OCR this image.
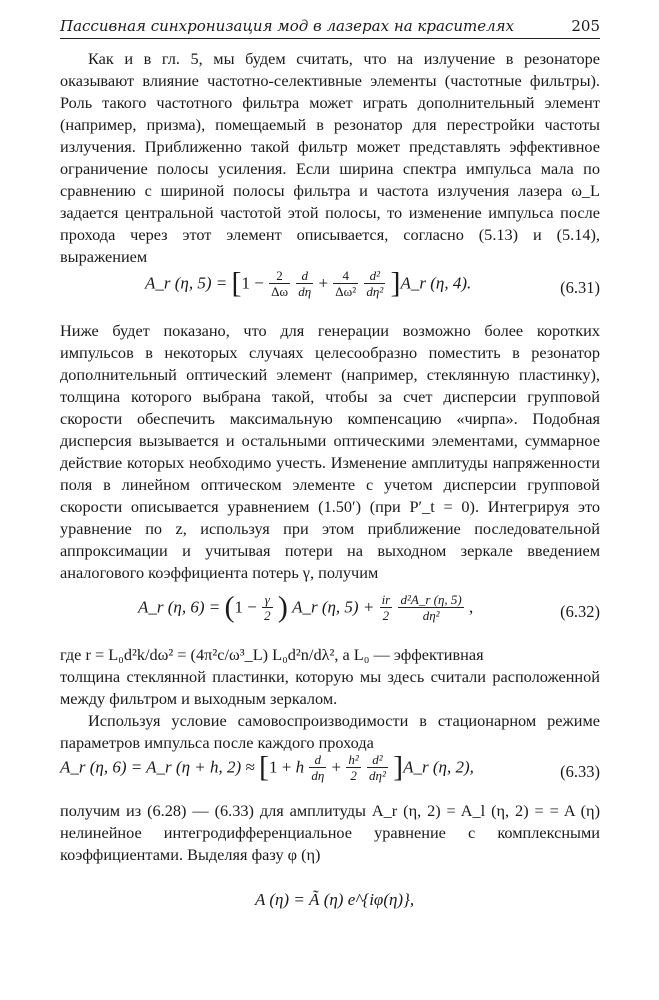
Пассивная синхронизация мод в лазерах на красителях	205
Как и в гл. 5, мы будем считать, что на излучение в резонаторе оказывают влияние частотно-селективные элементы (частотные фильтры). Роль такого частотного фильтра может играть дополнительный элемент (например, призма), помещаемый в резонатор для перестройки частоты излучения. Приближенно такой фильтр может представлять эффективное ограничение полосы усиления. Если ширина спектра импульса мала по сравнению с шириной полосы фильтра и частота излучения лазера ω_L задается центральной частотой этой полосы, то изменение импульса после прохода через этот элемент описывается, согласно (5.13) и (5.14), выражением
A_r (η, $5) = [1 - \frac{2}{\Delta\omega}$
$\frac{d}{d\eta} + \frac{4}{\text{Δω²}}$
$\frac{\text{d²}}{\text{dη²}}$ ]A_r (η, 4).	(6.31)
Ниже будет показано, что для генерации возможно более коротких импульсов в некоторых случаях целесообразно поместить в резонатор дополнительный оптический элемент (например, стеклянную пластинку), толщина которого выбрана такой, чтобы за счет дисперсии групповой скорости обеспечить максимальную компенсацию «чирпа». Подобная дисперсия вызывается и остальными оптическими элементами, суммарное действие которых необходимо учесть. Изменение амплитуды напряженности поля в линейном оптическом элементе с учетом дисперсии групповой скорости описывается уравнением (1.50′) (при P′_t = 0). Интегрируя это уравнение по z, используя при этом приближение последовательной аппроксимации и учитывая потери на выходном зеркале введением аналогового коэффициента потерь γ, получим
A_r (η, $6) = (1 - \frac{\gamma}{2}$ ) A_r (η, $5) + \frac{ir}{2}$
$\frac{\text{d²A\_r (η, 5)}}{\text{dη²}}$ ,	(6.32)
где r = L₀d²k/dω² = (4π²c/ω³_L) L₀d²n/dλ², а L₀ — эффективная
толщина стеклянной пластинки, которую мы здесь считали расположенной между фильтром и выходным зеркалом.
Используя условие самовоспроизводимости в стационарном режиме параметров импульса после каждого прохода
A_r (η, 6) = A_r (η + h, 2) ≈ [1 + h $\frac{d}{d\eta} + \frac{\text{h²}}{2}$
$\frac{\text{d²}}{\text{dη²}}$ ]A_r (η, 2),	(6.33)
получим из (6.28) — (6.33) для амплитуды A_r (η, 2) = A_l (η, 2) = = A (η) нелинейное интегродифференциальное уравнение с комплексными коэффициентами. Выделяя фазу φ (η)
A (η) = Ã (η) e^{iφ(η)},
